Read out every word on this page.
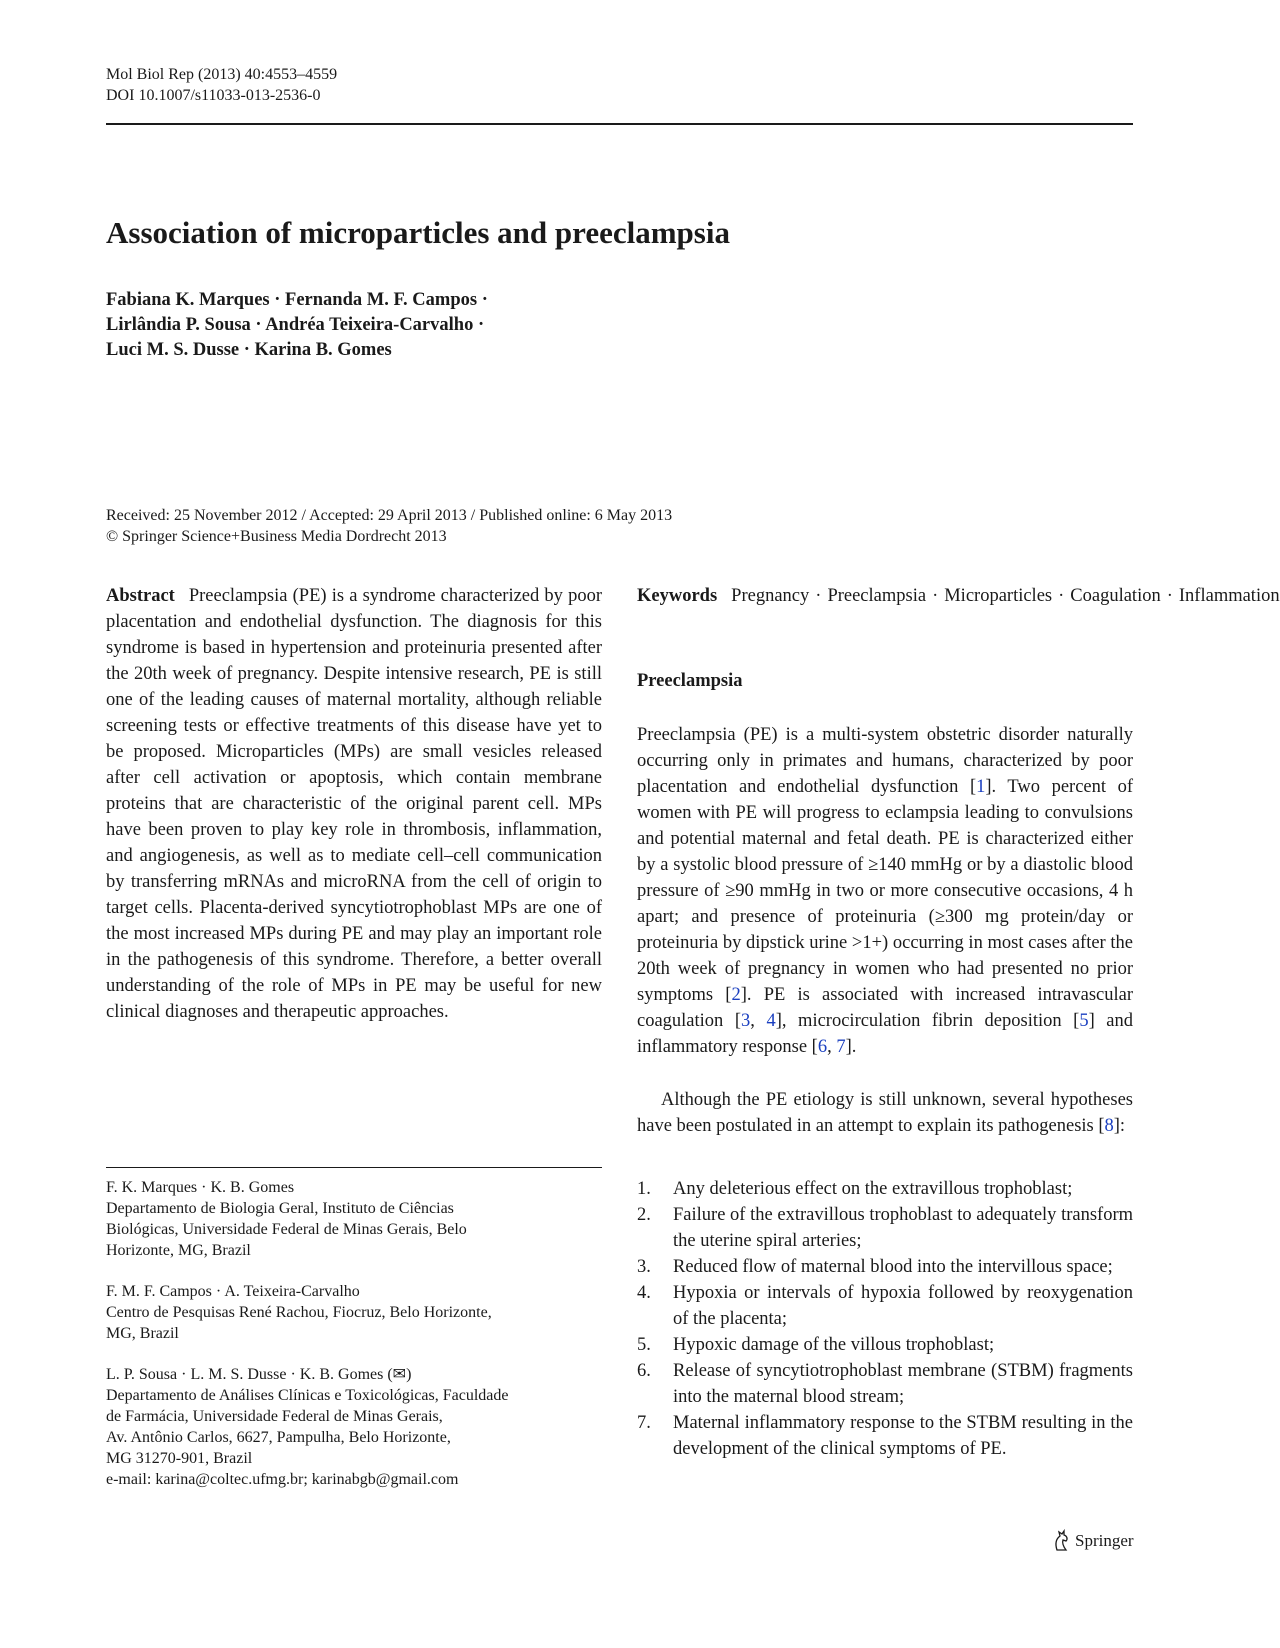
Mol Biol Rep (2013) 40:4553–4559
DOI 10.1007/s11033-013-2536-0
Association of microparticles and preeclampsia
Fabiana K. Marques · Fernanda M. F. Campos ·
Lirlândia P. Sousa · Andréa Teixeira-Carvalho ·
Luci M. S. Dusse · Karina B. Gomes
Received: 25 November 2012 / Accepted: 29 April 2013 / Published online: 6 May 2013
© Springer Science+Business Media Dordrecht 2013

Abstract Preeclampsia (PE) is a syndrome characterized by poor placentation and endothelial dysfunction. The diagnosis for this syndrome is based in hypertension and proteinuria presented after the 20th week of pregnancy. Despite intensive research, PE is still one of the leading causes of maternal mortality, although reliable screening tests or effective treatments of this disease have yet to be proposed. Microparticles (MPs) are small vesicles released after cell activation or apoptosis, which contain membrane proteins that are characteristic of the original parent cell. MPs have been proven to play key role in thrombosis, inflammation, and angiogenesis, as well as to mediate cell–cell communication by transferring mRNAs and microRNA from the cell of origin to target cells. Placenta-derived syncytiotrophoblast MPs are one of the most increased MPs during PE and may play an important role in the pathogenesis of this syndrome. Therefore, a better overall understanding of the role of MPs in PE may be useful for new clinical diagnoses and therapeutic approaches.

F. K. Marques · K. B. Gomes
Departamento de Biologia Geral, Instituto de Ciências
Biológicas, Universidade Federal de Minas Gerais, Belo
Horizonte, MG, Brazil
F. M. F. Campos · A. Teixeira-Carvalho
Centro de Pesquisas René Rachou, Fiocruz, Belo Horizonte,
MG, Brazil
L. P. Sousa · L. M. S. Dusse · K. B. Gomes (✉)
Departamento de Análises Clínicas e Toxicológicas, Faculdade
de Farmácia, Universidade Federal de Minas Gerais,
Av. Antônio Carlos, 6627, Pampulha, Belo Horizonte,
MG 31270-901, Brazil
e-mail: karina@coltec.ufmg.br; karinabgb@gmail.com

Keywords Pregnancy · Preeclampsia · Microparticles · Coagulation · Inflammation

Preeclampsia

Preeclampsia (PE) is a multi-system obstetric disorder naturally occurring only in primates and humans, characterized by poor placentation and endothelial dysfunction [1]. Two percent of women with PE will progress to eclampsia leading to convulsions and potential maternal and fetal death. PE is characterized either by a systolic blood pressure of ≥140 mmHg or by a diastolic blood pressure of ≥90 mmHg in two or more consecutive occasions, 4 h apart; and presence of proteinuria (≥300 mg protein/day or proteinuria by dipstick urine >1+) occurring in most cases after the 20th week of pregnancy in women who had presented no prior symptoms [2]. PE is associated with increased intravascular coagulation [3, 4], microcirculation fibrin deposition [5] and inflammatory response [6, 7].

Although the PE etiology is still unknown, several hypotheses have been postulated in an attempt to explain its pathogenesis [8]:

1. Any deleterious effect on the extravillous trophoblast;
2. Failure of the extravillous trophoblast to adequately transform the uterine spiral arteries;
3. Reduced flow of maternal blood into the intervillous space;
4. Hypoxia or intervals of hypoxia followed by reoxygenation of the placenta;
5. Hypoxic damage of the villous trophoblast;
6. Release of syncytiotrophoblast membrane (STBM) fragments into the maternal blood stream;
7. Maternal inflammatory response to the STBM resulting in the development of the clinical symptoms of PE.
Springer
